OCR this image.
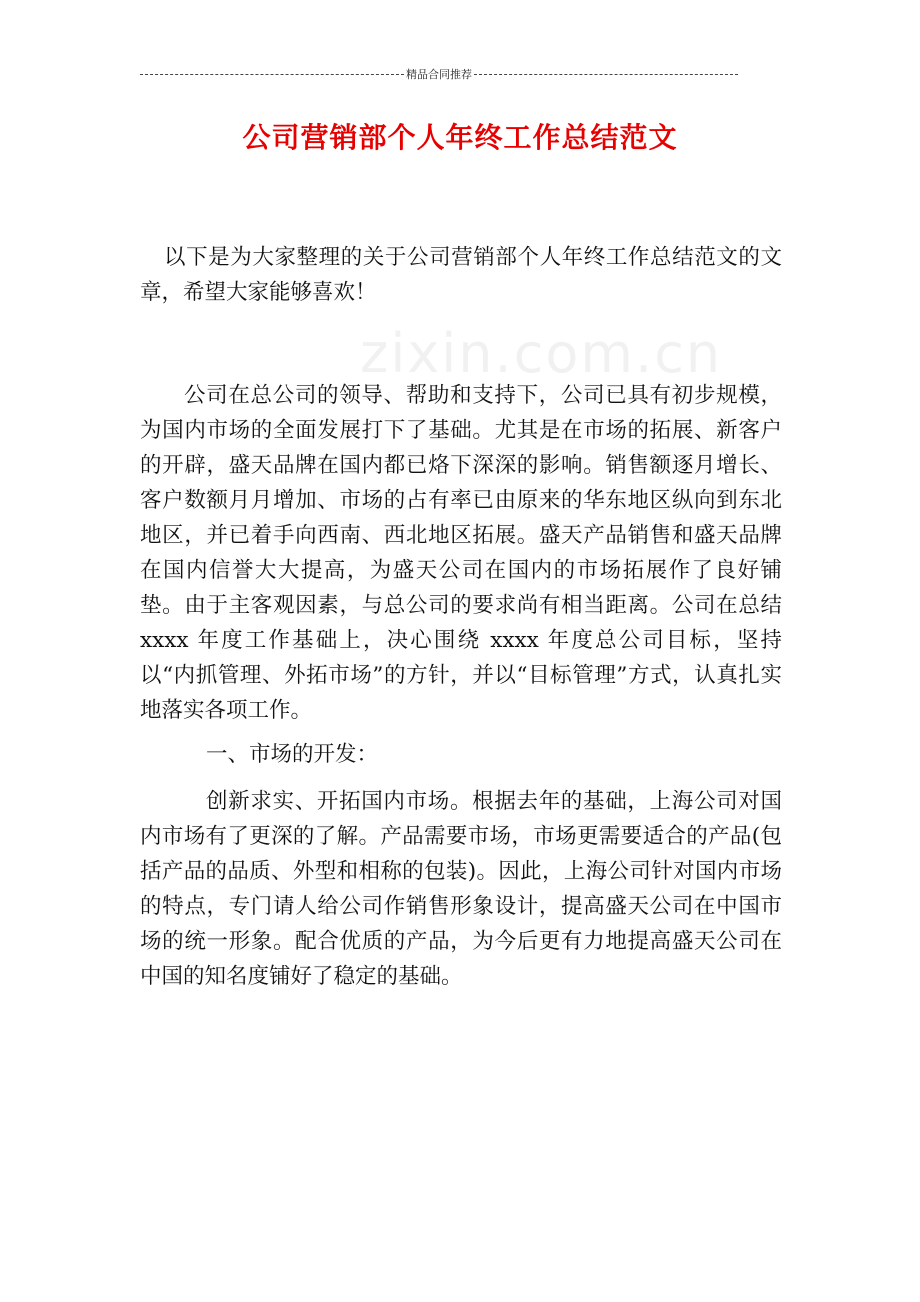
精品合同推荐
公司营销部个人年终工作总结范文
zixin.com.cn

以下是为大家整理的关于公司营销部个人年终工作总结范文的文章，希望大家能够喜欢！

公司在总公司的领导、帮助和支持下，公司已具有初步规模，为国内市场的全面发展打下了基础。尤其是在市场的拓展、新客户的开辟，盛天品牌在国内都已烙下深深的影响。销售额逐月增长、客户数额月月增加、市场的占有率已由原来的华东地区纵向到东北地区，并已着手向西南、西北地区拓展。盛天产品销售和盛天品牌在国内信誉大大提高，为盛天公司在国内的市场拓展作了良好铺垫。由于主客观因素，与总公司的要求尚有相当距离。公司在总结 xxxx 年度工作基础上，决心围绕 xxxx 年度总公司目标，坚持以“内抓管理、外拓市场”的方针，并以“目标管理”方式，认真扎实地落实各项工作。

一、市场的开发：

创新求实、开拓国内市场。根据去年的基础，上海公司对国内市场有了更深的了解。产品需要市场，市场更需要适合的产品(包括产品的品质、外型和相称的包装)。因此，上海公司针对国内市场的特点，专门请人给公司作销售形象设计，提高盛天公司在中国市场的统一形象。配合优质的产品，为今后更有力地提高盛天公司在中国的知名度铺好了稳定的基础。
